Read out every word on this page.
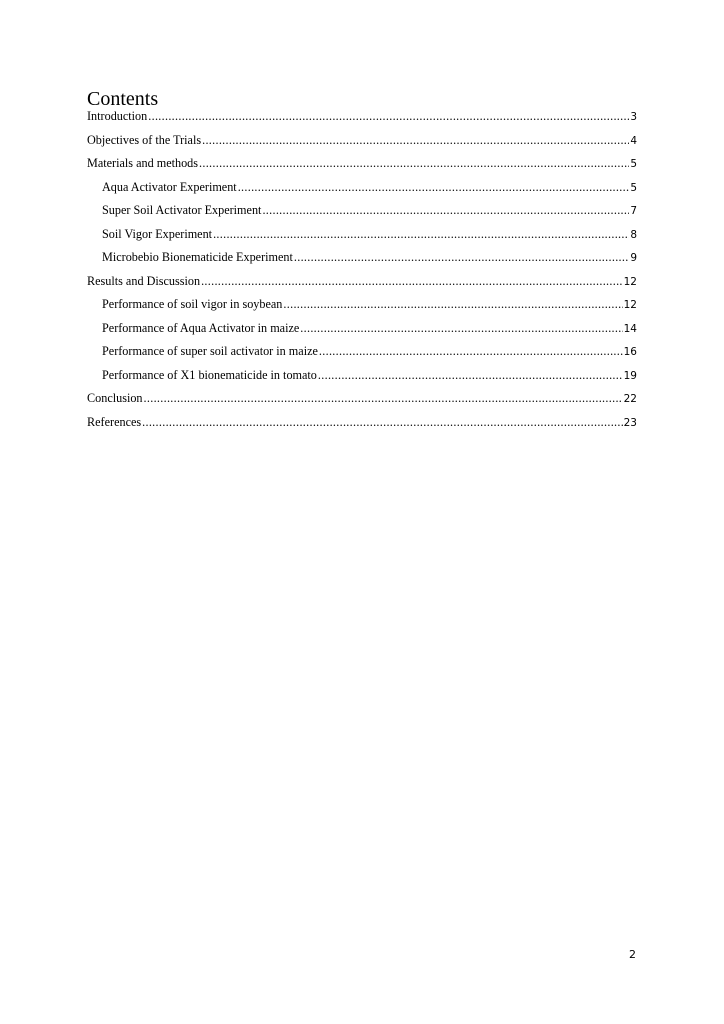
Contents
Introduction .....	3
Objectives of the Trials .....	4
Materials and methods .....	5
Aqua Activator Experiment .....	5
Super Soil Activator Experiment .....	7
Soil Vigor Experiment .....	8
Microbebio Bionematicide Experiment .....	9
Results and Discussion .....	12
Performance of soil vigor in soybean .....	12
Performance of Aqua Activator in maize .....	14
Performance of super soil activator in maize .....	16
Performance of X1 bionematicide in tomato .....	19
Conclusion .....	22
References .....	23
2
